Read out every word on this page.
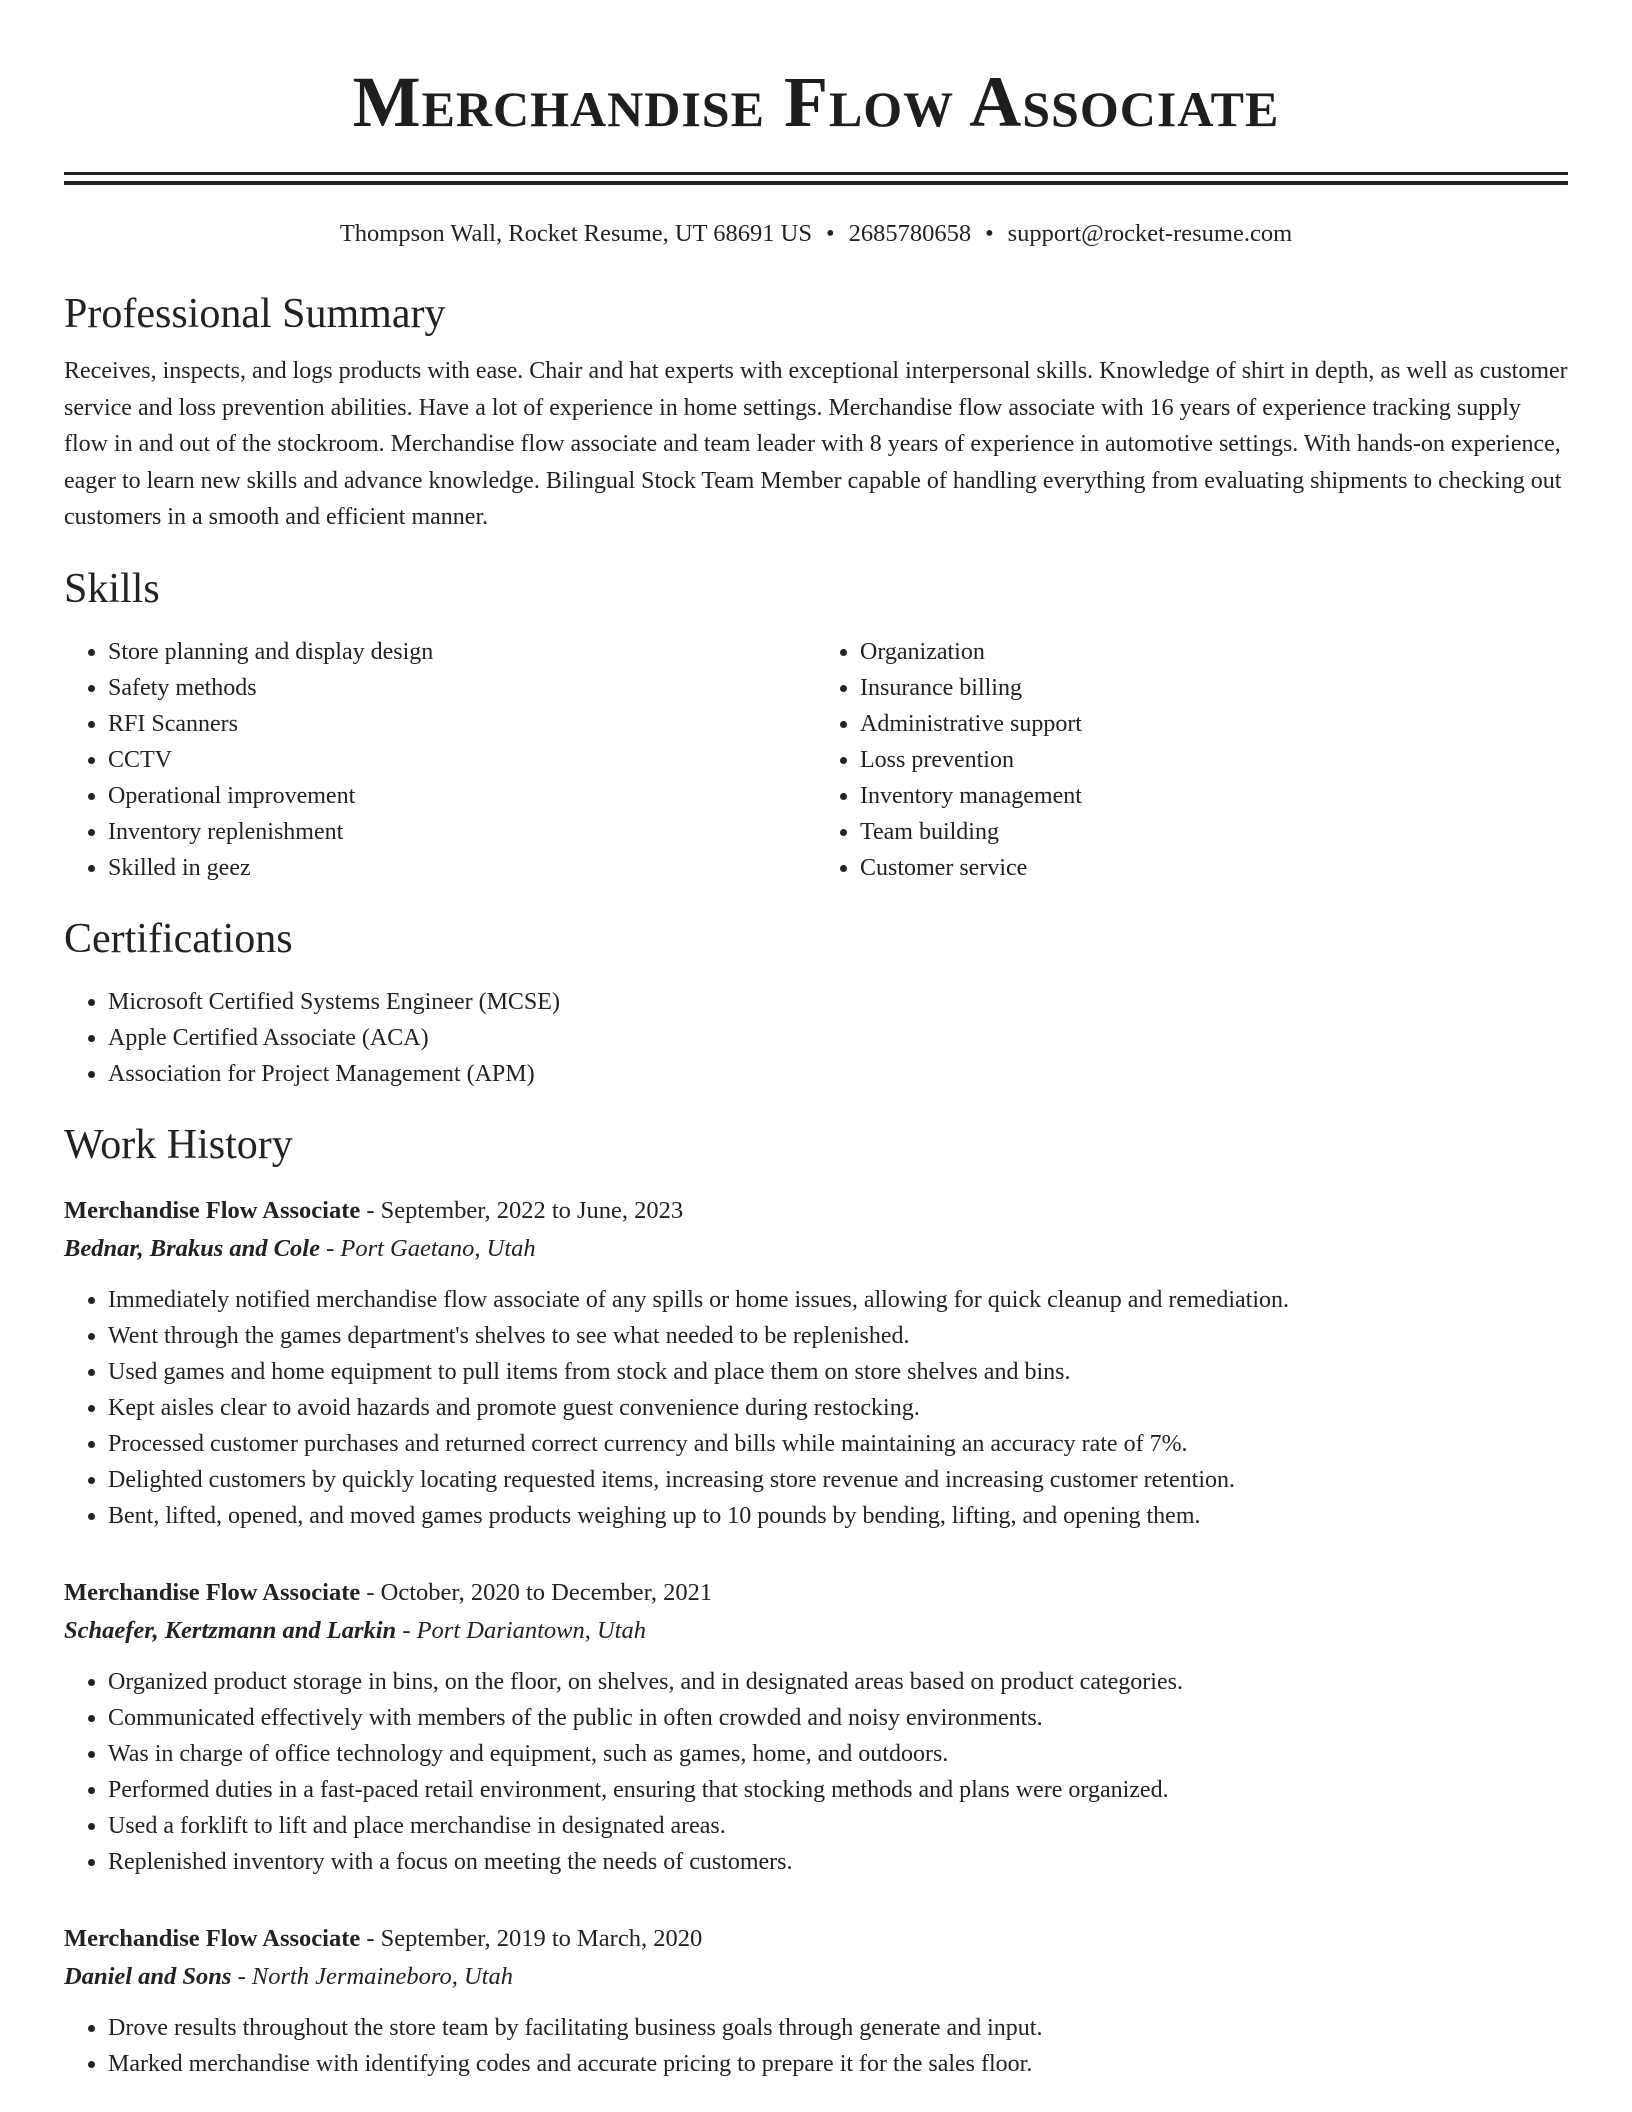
Merchandise Flow Associate
Thompson Wall, Rocket Resume, UT 68691 US • 2685780658 • support@rocket-resume.com
Professional Summary

Receives, inspects, and logs products with ease. Chair and hat experts with exceptional interpersonal skills. Knowledge of shirt in depth, as well as customer service and loss prevention abilities. Have a lot of experience in home settings. Merchandise flow associate with 16 years of experience tracking supply flow in and out of the stockroom. Merchandise flow associate and team leader with 8 years of experience in automotive settings. With hands-on experience, eager to learn new skills and advance knowledge. Bilingual Stock Team Member capable of handling everything from evaluating shipments to checking out customers in a smooth and efficient manner.

Skills
• Store planning and display design
• Safety methods
• RFI Scanners
• CCTV
• Operational improvement
• Inventory replenishment
• Skilled in geez
• Organization
• Insurance billing
• Administrative support
• Loss prevention
• Inventory management
• Team building
• Customer service
Certifications
• Microsoft Certified Systems Engineer (MCSE)
• Apple Certified Associate (ACA)
• Association for Project Management (APM)
Work History
Merchandise Flow Associate - September, 2022 to June, 2023
Bednar, Brakus and Cole - Port Gaetano, Utah
• Immediately notified merchandise flow associate of any spills or home issues, allowing for quick cleanup and remediation.
• Went through the games department's shelves to see what needed to be replenished.
• Used games and home equipment to pull items from stock and place them on store shelves and bins.
• Kept aisles clear to avoid hazards and promote guest convenience during restocking.
• Processed customer purchases and returned correct currency and bills while maintaining an accuracy rate of 7%.
• Delighted customers by quickly locating requested items, increasing store revenue and increasing customer retention.
• Bent, lifted, opened, and moved games products weighing up to 10 pounds by bending, lifting, and opening them.
Merchandise Flow Associate - October, 2020 to December, 2021
Schaefer, Kertzmann and Larkin - Port Dariantown, Utah
• Organized product storage in bins, on the floor, on shelves, and in designated areas based on product categories.
• Communicated effectively with members of the public in often crowded and noisy environments.
• Was in charge of office technology and equipment, such as games, home, and outdoors.
• Performed duties in a fast-paced retail environment, ensuring that stocking methods and plans were organized.
• Used a forklift to lift and place merchandise in designated areas.
• Replenished inventory with a focus on meeting the needs of customers.
Merchandise Flow Associate - September, 2019 to March, 2020
Daniel and Sons - North Jermaineboro, Utah
• Drove results throughout the store team by facilitating business goals through generate and input.
• Marked merchandise with identifying codes and accurate pricing to prepare it for the sales floor.
